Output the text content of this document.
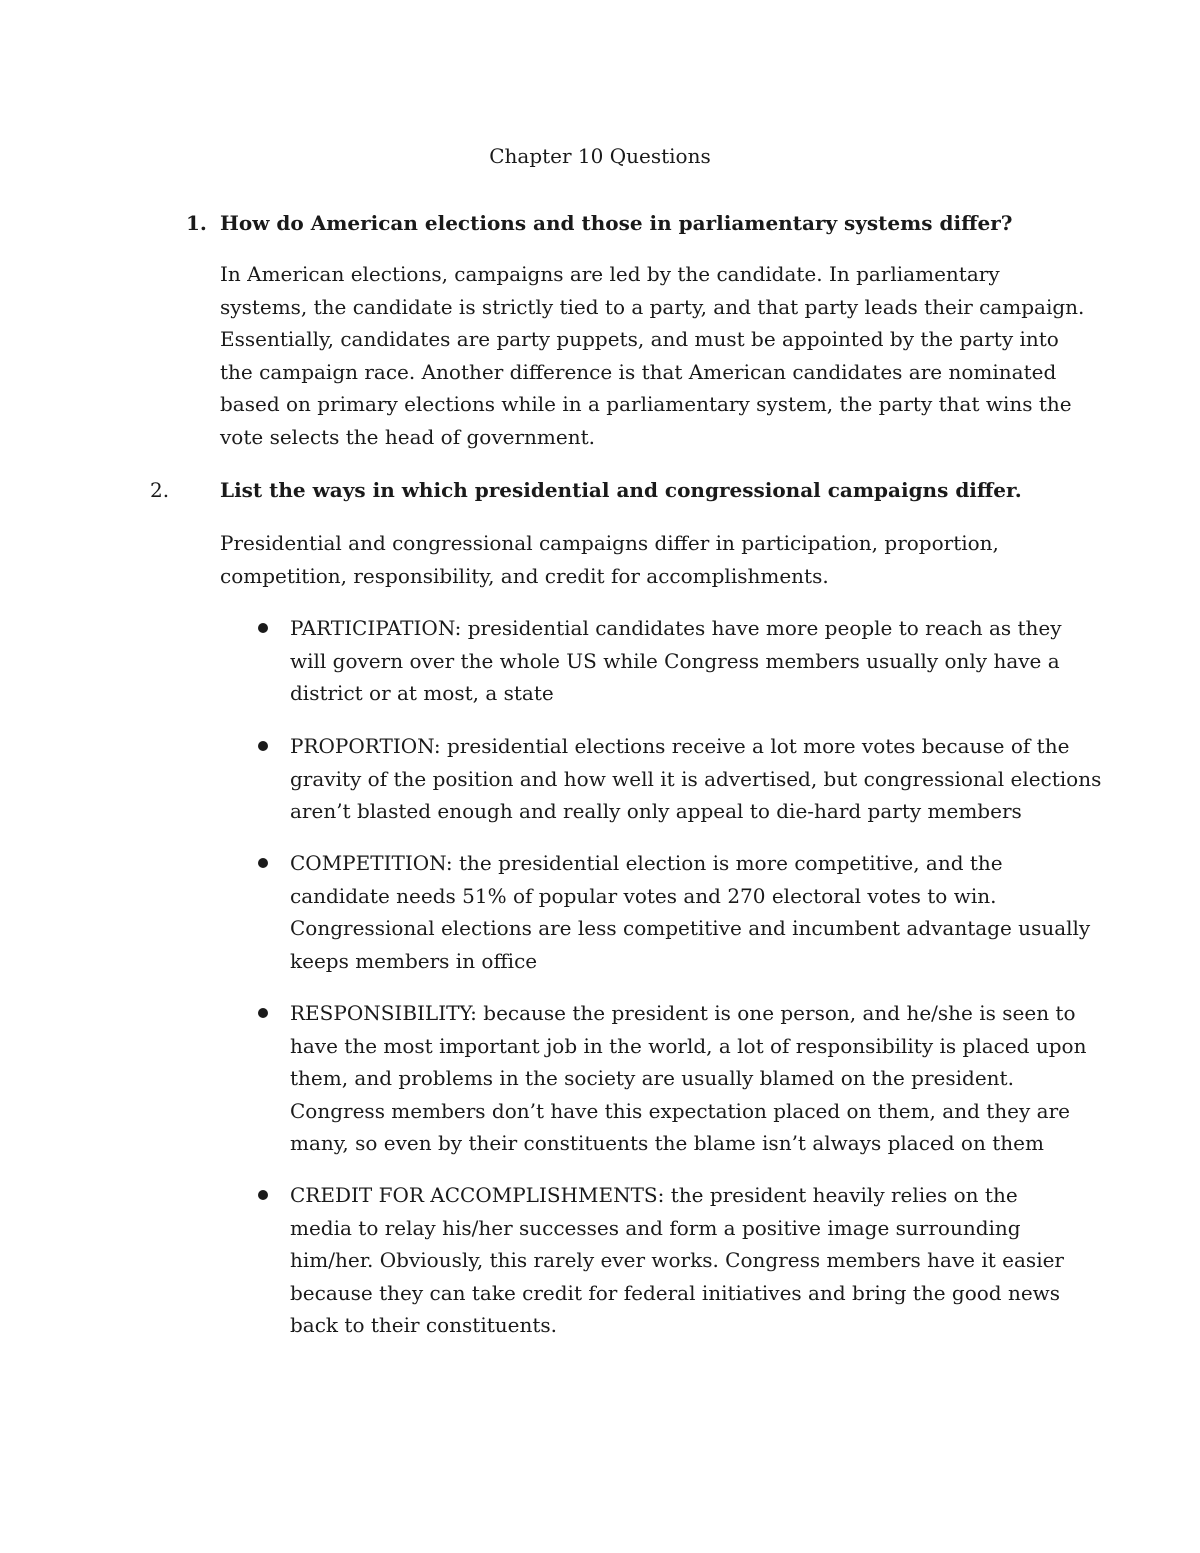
Chapter 10 Questions
1. How do American elections and those in parliamentary systems differ?
In American elections, campaigns are led by the candidate. In parliamentary
systems, the candidate is strictly tied to a party, and that party leads their campaign.
Essentially, candidates are party puppets, and must be appointed by the party into
the campaign race. Another difference is that American candidates are nominated
based on primary elections while in a parliamentary system, the party that wins the
vote selects the head of government.
2.	List the ways in which presidential and congressional campaigns differ.
Presidential and congressional campaigns differ in participation, proportion,
competition, responsibility, and credit for accomplishments.
PARTICIPATION: presidential candidates have more people to reach as they
will govern over the whole US while Congress members usually only have a
district or at most, a state
PROPORTION: presidential elections receive a lot more votes because of the
gravity of the position and how well it is advertised, but congressional elections
aren’t blasted enough and really only appeal to die-hard party members
COMPETITION: the presidential election is more competitive, and the
candidate needs 51% of popular votes and 270 electoral votes to win.
Congressional elections are less competitive and incumbent advantage usually
keeps members in office
RESPONSIBILITY: because the president is one person, and he/she is seen to
have the most important job in the world, a lot of responsibility is placed upon
them, and problems in the society are usually blamed on the president.
Congress members don’t have this expectation placed on them, and they are
many, so even by their constituents the blame isn’t always placed on them
CREDIT FOR ACCOMPLISHMENTS: the president heavily relies on the
media to relay his/her successes and form a positive image surrounding
him/her. Obviously, this rarely ever works. Congress members have it easier
because they can take credit for federal initiatives and bring the good news
back to their constituents.
